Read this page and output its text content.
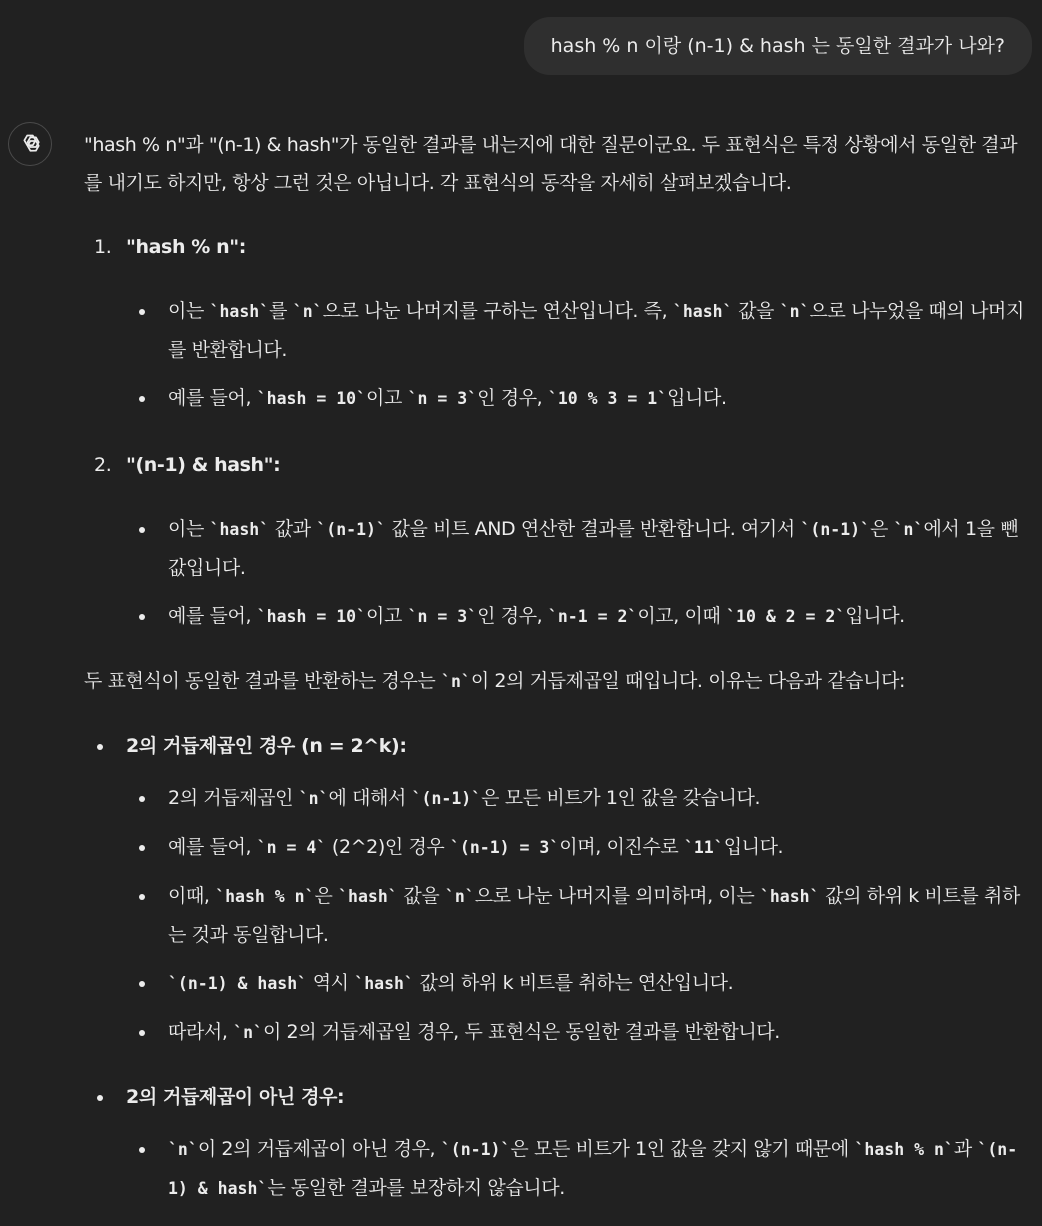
hash % n 이랑 (n-1) & hash 는 동일한 결과가 나와?

"hash % n"과 "(n-1) & hash"가 동일한 결과를 내는지에 대한 질문이군요. 두 표현식은 특정 상황에서 동일한 결과를 내기도 하지만, 항상 그런 것은 아닙니다. 각 표현식의 동작을 자세히 살펴보겠습니다.

1. "hash % n":
이는 `hash`를 `n`으로 나눈 나머지를 구하는 연산입니다. 즉, `hash` 값을 `n`으로 나누었을 때의 나머지를 반환합니다.
예를 들어, `hash = 10`이고 `n = 3`인 경우, `10 % 3 = 1`입니다.
2. "(n-1) & hash":
이는 `hash` 값과 `(n-1)` 값을 비트 AND 연산한 결과를 반환합니다. 여기서 `(n-1)`은 `n`에서 1을 뺀 값입니다.
예를 들어, `hash = 10`이고 `n = 3`인 경우, `n-1 = 2`이고, 이때 `10 & 2 = 2`입니다.

두 표현식이 동일한 결과를 반환하는 경우는 `n`이 2의 거듭제곱일 때입니다. 이유는 다음과 같습니다:

2의 거듭제곱인 경우 (n = 2^k):
2의 거듭제곱인 `n`에 대해서 `(n-1)`은 모든 비트가 1인 값을 갖습니다.
예를 들어, `n = 4` (2^2)인 경우 `(n-1) = 3`이며, 이진수로 `11`입니다.
이때, `hash % n`은 `hash` 값을 `n`으로 나눈 나머지를 의미하며, 이는 `hash` 값의 하위 k 비트를 취하는 것과 동일합니다.
`(n-1) & hash` 역시 `hash` 값의 하위 k 비트를 취하는 연산입니다.
따라서, `n`이 2의 거듭제곱일 경우, 두 표현식은 동일한 결과를 반환합니다.
2의 거듭제곱이 아닌 경우:
`n`이 2의 거듭제곱이 아닌 경우, `(n-1)`은 모든 비트가 1인 값을 갖지 않기 때문에 `hash % n`과 `(n-1) & hash`는 동일한 결과를 보장하지 않습니다.
